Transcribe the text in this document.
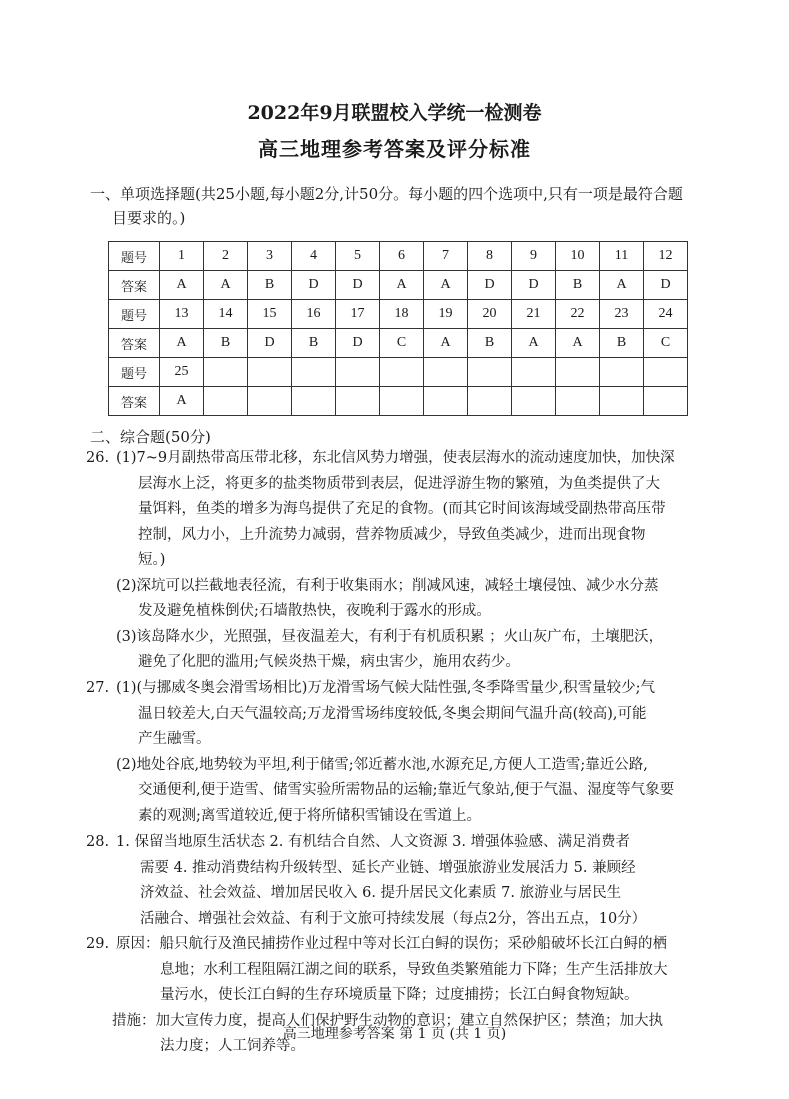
2022年9月联盟校入学统一检测卷
高三地理参考答案及评分标准
一、单项选择题(共25小题,每小题2分,计50分。每小题的四个选项中,只有一项是最符合题
目要求的。)
题号	1	2	3	4	5	6	7	8	9	10	11	12
答案	A	A	B	D	D	A	A	D	D	B	A	D
题号	13	14	15	16	17	18	19	20	21	22	23	24
答案	A	B	D	B	D	C	A	B	A	A	B	C
题号	25											
答案	A											
二、综合题(50分)
26. (1)7~9月副热带高压带北移，东北信风势力增强，使表层海水的流动速度加快，加快深
层海水上泛，将更多的盐类物质带到表层，促进浮游生物的繁殖，为鱼类提供了大
量饵料，鱼类的增多为海鸟提供了充足的食物。(而其它时间该海域受副热带高压带
控制，风力小，上升流势力减弱，营养物质减少，导致鱼类减少，进而出现食物
短。)
(2)深坑可以拦截地表径流，有利于收集雨水；削减风速，减轻土壤侵蚀、减少水分蒸
发及避免植株倒伏;石墙散热快，夜晚利于露水的形成。
(3)该岛降水少，光照强，昼夜温差大，有利于有机质积累 ；火山灰广布，土壤肥沃，
避免了化肥的滥用;气候炎热干燥，病虫害少，施用农药少。
27. (1)(与挪威冬奥会滑雪场相比)万龙滑雪场气候大陆性强,冬季降雪量少,积雪量较少;气
温日较差大,白天气温较高;万龙滑雪场纬度较低,冬奥会期间气温升高(较高),可能
产生融雪。
(2)地处谷底,地势较为平坦,利于储雪;邻近蓄水池,水源充足,方便人工造雪;靠近公路,
交通便利,便于造雪、储雪实验所需物品的运输;靠近气象站,便于气温、湿度等气象要
素的观测;离雪道较近,便于将所储积雪铺设在雪道上。
28. 1. 保留当地原生活状态 2. 有机结合自然、人文资源 3. 增强体验感、满足消费者
需要 4. 推动消费结构升级转型、延长产业链、增强旅游业发展活力 5. 兼顾经
济效益、社会效益、增加居民收入 6. 提升居民文化素质 7. 旅游业与居民生
活融合、增强社会效益、有利于文旅可持续发展（每点2分，答出五点，10分）
29. 原因：船只航行及渔民捕捞作业过程中等对长江白鲟的误伤；采砂船破坏长江白鲟的栖
息地；水利工程阻隔江湖之间的联系，导致鱼类繁殖能力下降；生产生活排放大
量污水，使长江白鲟的生存环境质量下降；过度捕捞；长江白鲟食物短缺。
措施：加大宣传力度，提高人们保护野生动物的意识；建立自然保护区；禁渔；加大执
法力度；人工饲养等。
高三地理参考答案 第 1 页 (共 1 页)
